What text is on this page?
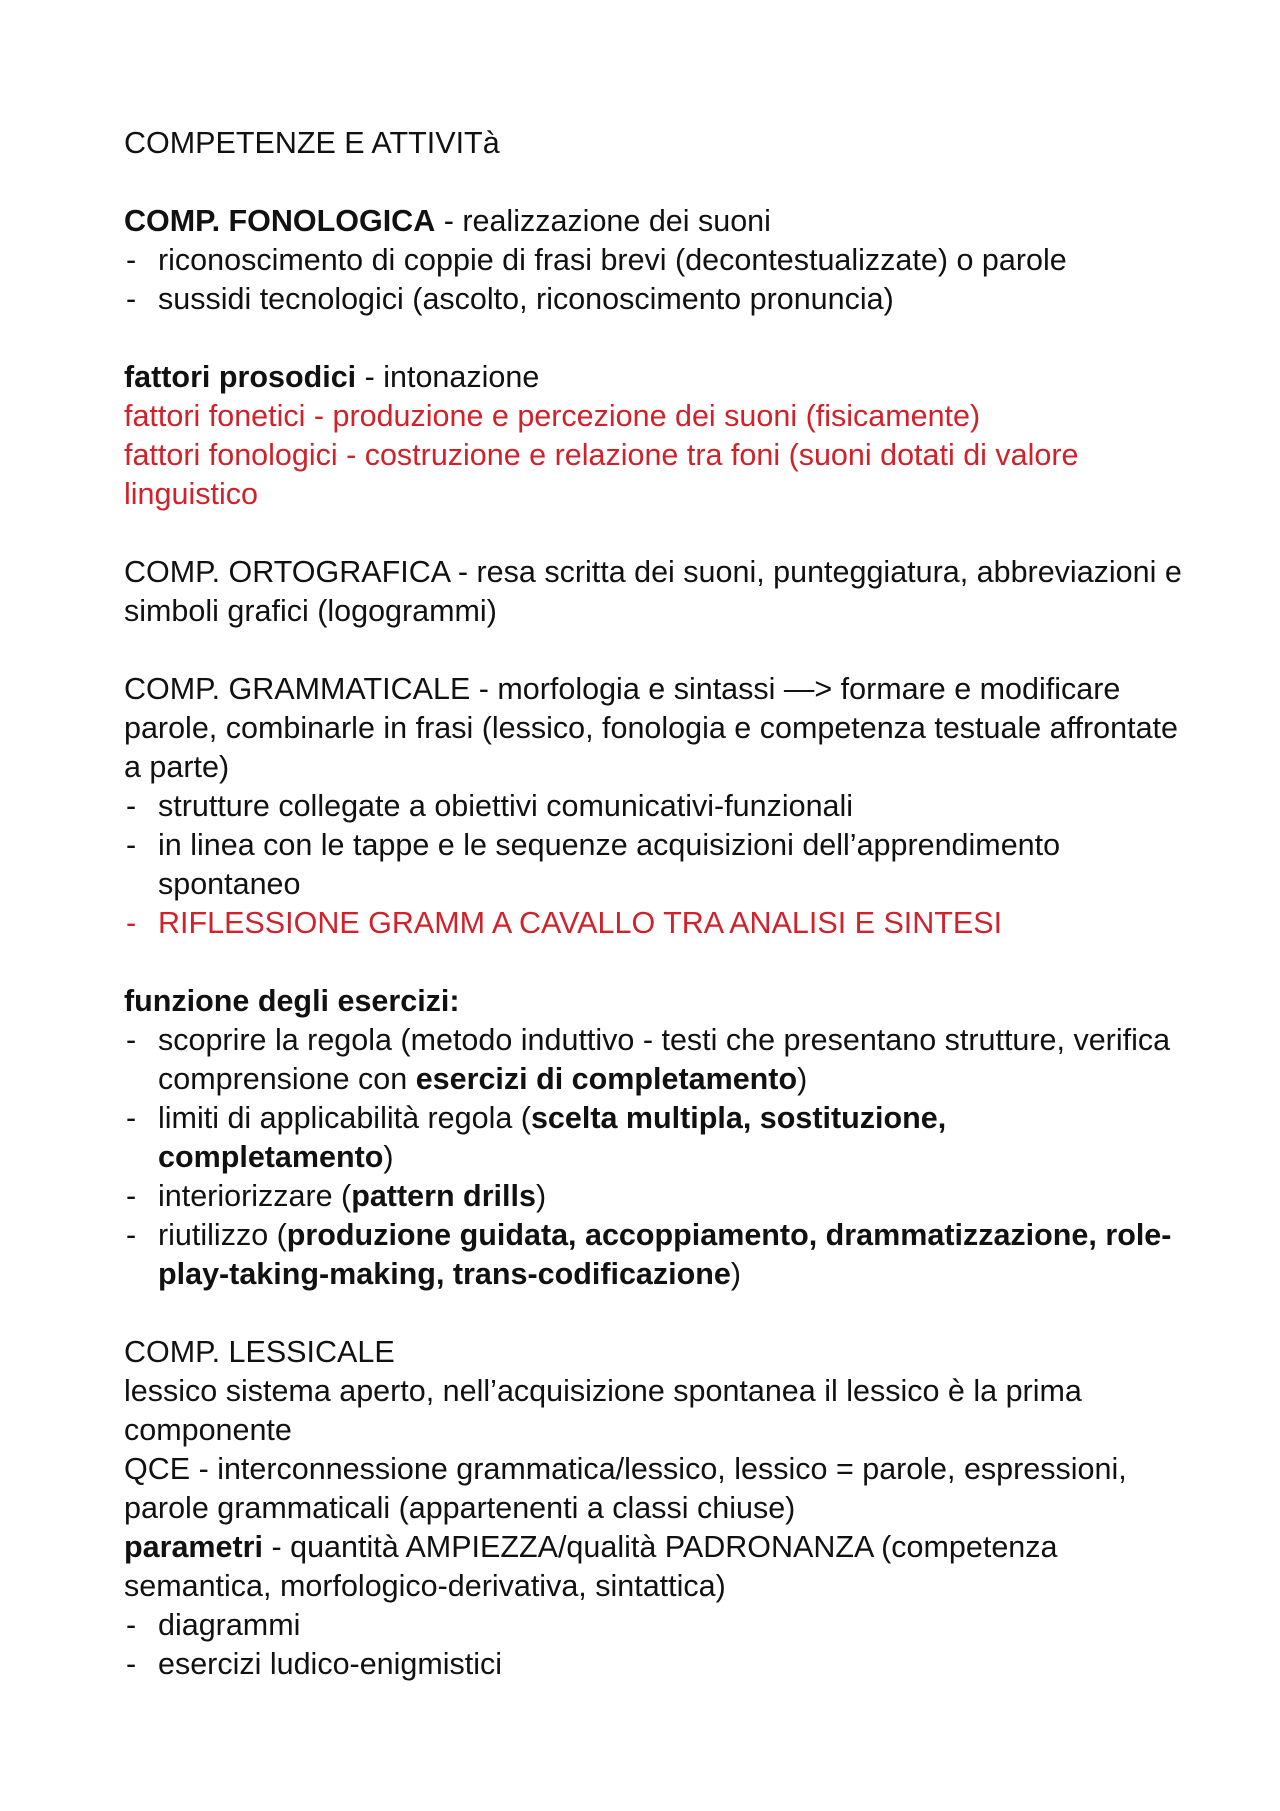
COMPETENZE E ATTIVITà

COMP. FONOLOGICA - realizzazione dei suoni

- riconoscimento di coppie di frasi brevi (decontestualizzate) o parole
- sussidi tecnologici (ascolto, riconoscimento pronuncia)

fattori prosodici - intonazione

fattori fonetici - produzione e percezione dei suoni (fisicamente)

fattori fonologici - costruzione e relazione tra foni (suoni dotati di valore linguistico

COMP. ORTOGRAFICA - resa scritta dei suoni, punteggiatura, abbreviazioni e simboli grafici (logogrammi)

COMP. GRAMMATICALE - morfologia e sintassi —> formare e modificare parole, combinarle in frasi (lessico, fonologia e competenza testuale affrontate a parte)

- strutture collegate a obiettivi comunicativi-funzionali
- in linea con le tappe e le sequenze acquisizioni dell’apprendimento spontaneo
- RIFLESSIONE GRAMM A CAVALLO TRA ANALISI E SINTESI

funzione degli esercizi:

- scoprire la regola (metodo induttivo - testi che presentano strutture, verifica comprensione con esercizi di completamento)
- limiti di applicabilità regola (scelta multipla, sostituzione, completamento)
- interiorizzare (pattern drills)
- riutilizzo (produzione guidata, accoppiamento, drammatizzazione, role-play-taking-making, trans-codificazione)

COMP. LESSICALE

lessico sistema aperto, nell’acquisizione spontanea il lessico è la prima componente

QCE - interconnessione grammatica/lessico, lessico = parole, espressioni, parole grammaticali (appartenenti a classi chiuse)

parametri - quantità AMPIEZZA/qualità PADRONANZA (competenza semantica, morfologico-derivativa, sintattica)

- diagrammi
- esercizi ludico-enigmistici
